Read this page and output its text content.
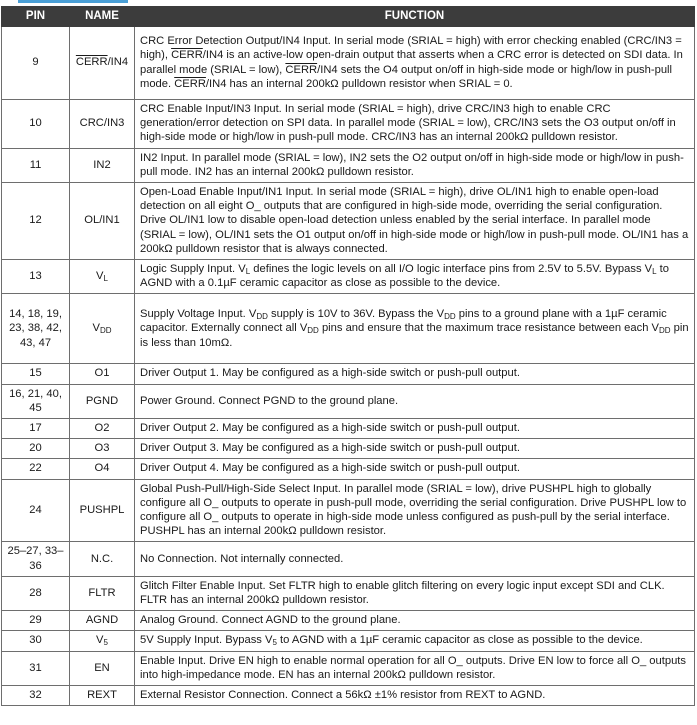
PIN	NAME	FUNCTION
9	CERR/IN4	CRC Error Detection Output/IN4 Input. In serial mode (SRIAL = high) with error checking enabled (CRC/IN3 = high), CERR/IN4 is an active-low open-drain output that asserts when a CRC error is detected on SDI data. In parallel mode (SRIAL = low), CERR/IN4 sets the O4 output on/off in high-side mode or high/low in push-pull mode. CERR/IN4 has an internal 200kΩ pulldown resistor when SRIAL = 0.
10	CRC/IN3	CRC Enable Input/IN3 Input. In serial mode (SRIAL = high), drive CRC/IN3 high to enable CRC generation/error detection on SPI data. In parallel mode (SRIAL = low), CRC/IN3 sets the O3 output on/off in high-side mode or high/low in push-pull mode. CRC/IN3 has an internal 200kΩ pulldown resistor.
11	IN2	IN2 Input. In parallel mode (SRIAL = low), IN2 sets the O2 output on/off in high-side mode or high/low in push-pull mode. IN2 has an internal 200kΩ pulldown resistor.
12	OL/IN1	Open-Load Enable Input/IN1 Input. In serial mode (SRIAL = high), drive OL/IN1 high to enable open-load detection on all eight O_ outputs that are configured in high-side mode, overriding the serial configuration. Drive OL/IN1 low to disable open-load detection unless enabled by the serial interface. In parallel mode (SRIAL = low), OL/IN1 sets the O1 output on/off in high-side mode or high/low in push-pull mode. OL/IN1 has a 200kΩ pulldown resistor that is always connected.
13	$V_L$	Logic Supply Input. $V_L$ defines the logic levels on all I/O logic interface pins from 2.5V to 5.5V. Bypass $V_L$ to AGND with a 0.1µF ceramic capacitor as close as possible to the device.
14, 18, 19, 23, 38, 42, 43, 47	$V_{DD}$	Supply Voltage Input. $V_{DD}$ supply is 10V to 36V. Bypass the $V_{DD}$ pins to a ground plane with a 1µF ceramic capacitor. Externally connect all $V_{DD}$ pins and ensure that the maximum trace resistance between each $V_{DD}$ pin is less than 10mΩ.
15	O1	Driver Output 1. May be configured as a high-side switch or push-pull output.
16, 21, 40, 45	PGND	Power Ground. Connect PGND to the ground plane.
17	O2	Driver Output 2. May be configured as a high-side switch or push-pull output.
20	O3	Driver Output 3. May be configured as a high-side switch or push-pull output.
22	O4	Driver Output 4. May be configured as a high-side switch or push-pull output.
24	PUSHPL	Global Push-Pull/High-Side Select Input. In parallel mode (SRIAL = low), drive PUSHPL high to globally configure all O_ outputs to operate in push-pull mode, overriding the serial configuration. Drive PUSHPL low to configure all O_ outputs to operate in high-side mode unless configured as push-pull by the serial interface. PUSHPL has an internal 200kΩ pulldown resistor.
25–27, 33–36	N.C.	No Connection. Not internally connected.
28	FLTR	Glitch Filter Enable Input. Set FLTR high to enable glitch filtering on every logic input except SDI and CLK. FLTR has an internal 200kΩ pulldown resistor.
29	AGND	Analog Ground. Connect AGND to the ground plane.
30	$V_5$	5V Supply Input. Bypass $V_5$ to AGND with a 1µF ceramic capacitor as close as possible to the device.
31	EN	Enable Input. Drive EN high to enable normal operation for all O_ outputs. Drive EN low to force all O_ outputs into high-impedance mode. EN has an internal 200kΩ pulldown resistor.
32	REXT	External Resistor Connection. Connect a 56kΩ ±1% resistor from REXT to AGND.
